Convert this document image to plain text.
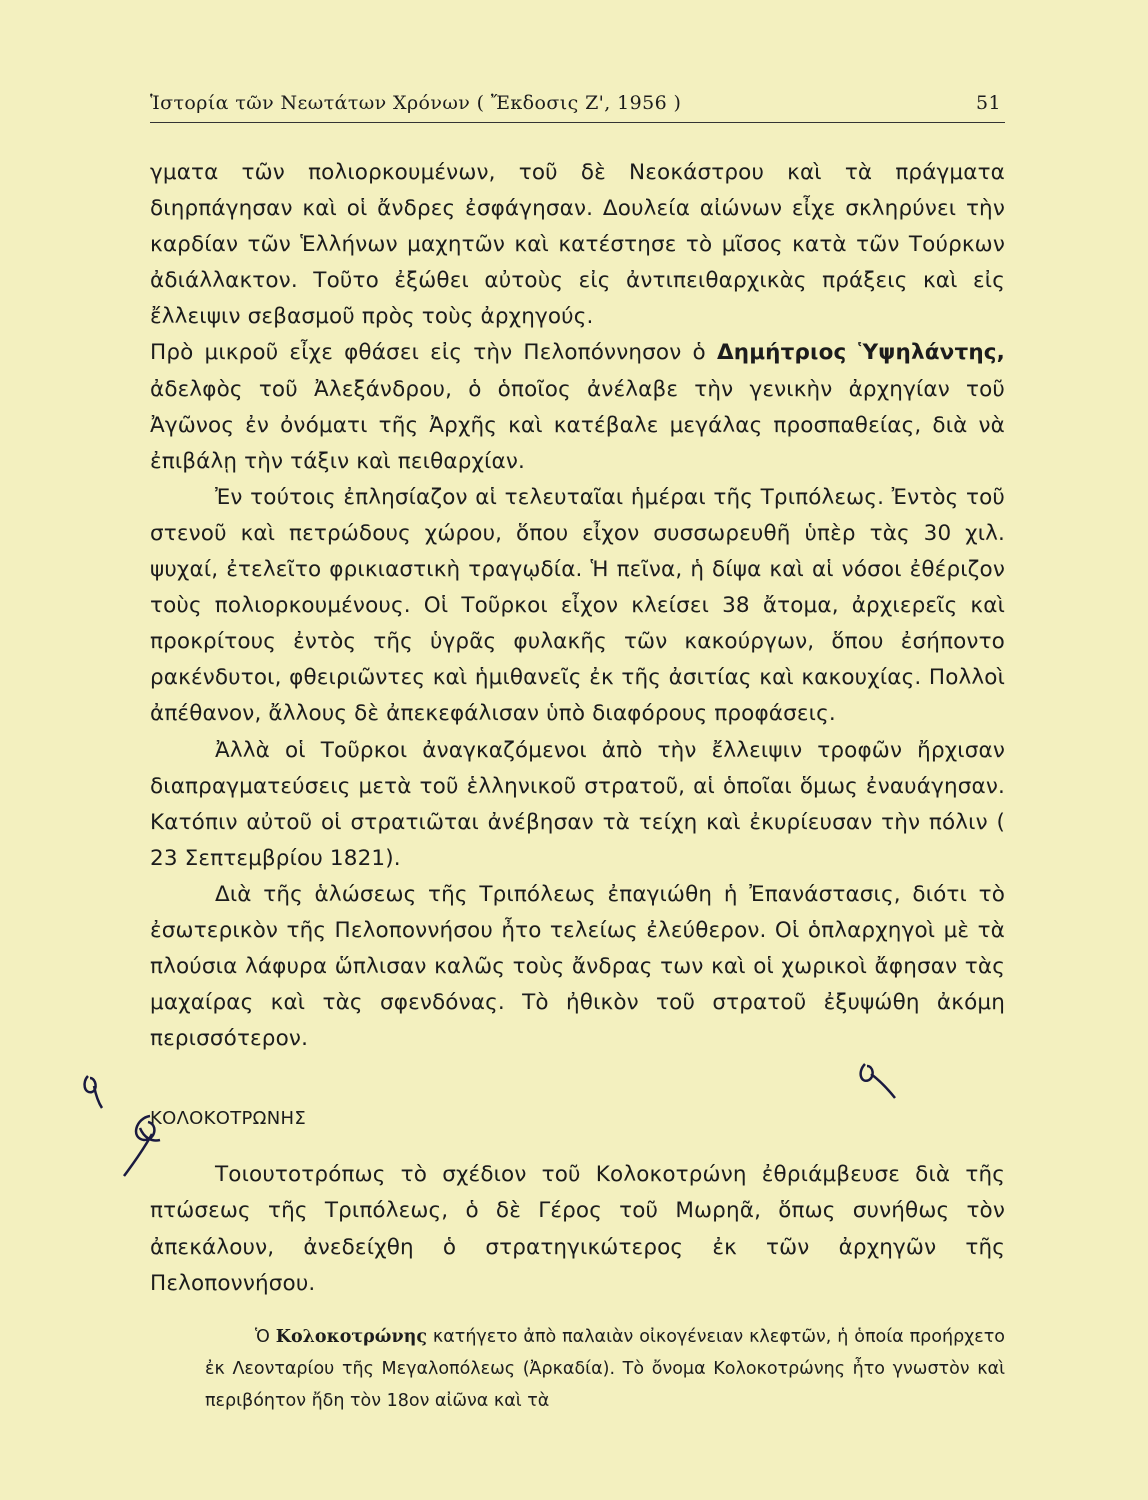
Ἱστορία τῶν Νεωτάτων Χρόνων ( Ἔκδοσις Ζ', 1956 )	51

γματα τῶν πολιορκουμένων, τοῦ δὲ Νεοκάστρου καὶ τὰ πράγματα διηρπάγησαν καὶ οἱ ἄνδρες ἐσφάγησαν. Δουλεία αἰώνων εἶχε σκληρύνει τὴν καρδίαν τῶν Ἑλλήνων μαχητῶν καὶ κατέστησε τὸ μῖσος κατὰ τῶν Τούρκων ἀδιάλλακτον. Τοῦτο ἐξώθει αὐτοὺς εἰς ἀντιπειθαρχικὰς πράξεις καὶ εἰς ἔλλειψιν σεβασμοῦ πρὸς τοὺς ἀρχηγούς.

Πρὸ μικροῦ εἶχε φθάσει εἰς τὴν Πελοπόννησον ὁ Δημήτριος Ὑψηλάντης, ἀδελφὸς τοῦ Ἀλεξάνδρου, ὁ ὁποῖος ἀνέλαβε τὴν γενικὴν ἀρχηγίαν τοῦ Ἀγῶνος ἐν ὀνόματι τῆς Ἀρχῆς καὶ κατέβαλε μεγάλας προσπαθείας, διὰ νὰ ἐπιβάλῃ τὴν τάξιν καὶ πειθαρχίαν.

Ἐν τούτοις ἐπλησίαζον αἱ τελευταῖαι ἡμέραι τῆς Τριπόλεως. Ἐντὸς τοῦ στενοῦ καὶ πετρώδους χώρου, ὅπου εἶχον συσσωρευθῆ ὑπὲρ τὰς 30 χιλ. ψυχαί, ἐτελεῖτο φρικιαστικὴ τραγῳδία. Ἡ πεῖνα, ἡ δίψα καὶ αἱ νόσοι ἐθέριζον τοὺς πολιορκουμένους. Οἱ Τοῦρκοι εἶχον κλείσει 38 ἄτομα, ἀρχιερεῖς καὶ προκρίτους ἐντὸς τῆς ὑγρᾶς φυλακῆς τῶν κακούργων, ὅπου ἐσήποντο ρακένδυτοι, φθειριῶντες καὶ ἡμιθανεῖς ἐκ τῆς ἀσιτίας καὶ κακουχίας. Πολλοὶ ἀπέθανον, ἄλλους δὲ ἀπεκεφάλισαν ὑπὸ διαφόρους προφάσεις.

Ἀλλὰ οἱ Τοῦρκοι ἀναγκαζόμενοι ἀπὸ τὴν ἔλλειψιν τροφῶν ἤρχισαν διαπραγματεύσεις μετὰ τοῦ ἑλληνικοῦ στρατοῦ, αἱ ὁποῖαι ὅμως ἐναυάγησαν. Κατόπιν αὐτοῦ οἱ στρατιῶται ἀνέβησαν τὰ τείχη καὶ ἐκυρίευσαν τὴν πόλιν ( 23 Σεπτεμβρίου 1821).

Διὰ τῆς ἁλώσεως τῆς Τριπόλεως ἐπαγιώθη ἡ Ἐπανάστασις, διότι τὸ ἐσωτερικὸν τῆς Πελοποννήσου ἦτο τελείως ἐλεύθερον. Οἱ ὁπλαρχηγοὶ μὲ τὰ πλούσια λάφυρα ὥπλισαν καλῶς τοὺς ἄνδρας των καὶ οἱ χωρικοὶ ἄφησαν τὰς μαχαίρας καὶ τὰς σφενδόνας. Τὸ ἠθικὸν τοῦ στρατοῦ ἐξυψώθη ἀκόμη περισσότερον.

ΚΟΛΟΚΟΤΡΩΝΗΣ

Τοιουτοτρόπως τὸ σχέδιον τοῦ Κολοκοτρώνη ἐθριάμβευσε διὰ τῆς πτώσεως τῆς Τριπόλεως, ὁ δὲ Γέρος τοῦ Μωρηᾶ, ὅπως συνήθως τὸν ἀπεκάλουν, ἀνεδείχθη ὁ στρατηγικώτερος ἐκ τῶν ἀρχηγῶν τῆς Πελοποννήσου.

Ὁ Κολοκοτρώνης κατήγετο ἀπὸ παλαιὰν οἰκογένειαν κλεφτῶν, ἡ ὁποία προήρχετο ἐκ Λεονταρίου τῆς Μεγαλοπόλεως (Ἀρκαδία). Τὸ ὄνομα Κολοκοτρώνης ἦτο γνωστὸν καὶ περιβόητον ἤδη τὸν 18ον αἰῶνα καὶ τὰ
